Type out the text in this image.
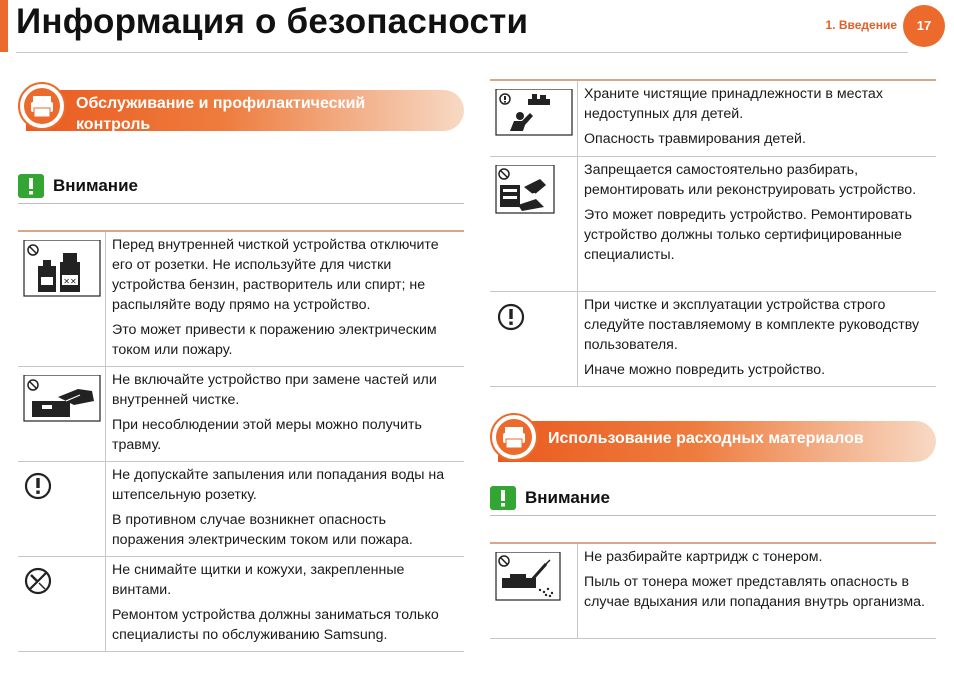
Информация о безопасности	1. Введение	17
Обслуживание и профилактический
контроль
Внимание
✕✕

Перед внутренней чисткой устройства отключите его от розетки. Не используйте для чистки устройства бензин, растворитель или спирт; не распыляйте воду прямо на устройство.

Это может привести к поражению электрическим током или пожару.

Не включайте устройство при замене частей или внутренней чистке.

При несоблюдении этой меры можно получить травму.

Не допускайте запыления или попадания воды на штепсельную розетку.

В противном случае возникнет опасность поражения электрическим током или пожара.

Не снимайте щитки и кожухи, закрепленные винтами.

Ремонтом устройства должны заниматься только специалисты по обслуживанию Samsung.

Храните чистящие принадлежности в местах недоступных для детей.

Опасность травмирования детей.

Запрещается самостоятельно разбирать, ремонтировать или реконструировать устройство.

Это может повредить устройство. Ремонтировать устройство должны только сертифицированные специалисты.

При чистке и эксплуатации устройства строго следуйте поставляемому в комплекте руководству пользователя.

Иначе можно повредить устройство.

Использование расходных материалов
Внимание

Не разбирайте картридж с тонером.

Пыль от тонера может представлять опасность в случае вдыхания или попадания внутрь организма.
